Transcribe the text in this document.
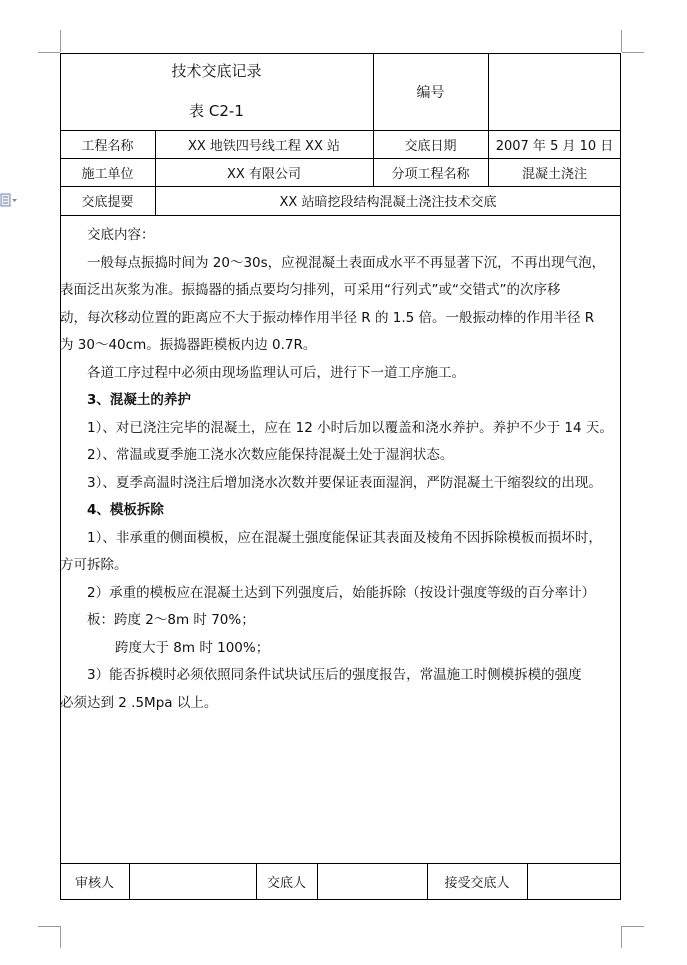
技术交底记录
表 C2-1
编号
工程名称	XX 地铁四号线工程 XX 站	交底日期	2007 年 5 月 10 日
施工单位	XX 有限公司	分项工程名称	混凝土浇注
交底提要	XX 站暗挖段结构混凝土浇注技术交底
交底内容：
一般每点振捣时间为 20～30s，应视混凝土表面成水平不再显著下沉，不再出现气泡，
表面泛出灰浆为准。振捣器的插点要均匀排列，可采用“行列式”或“交错式”的次序移
动，每次移动位置的距离应不大于振动棒作用半径 R 的 1.5 倍。一般振动棒的作用半径 R
为 30～40cm。振捣器距模板内边 0.7R。
各道工序过程中必须由现场监理认可后，进行下一道工序施工。
3、混凝土的养护
1）、对已浇注完毕的混凝土，应在 12 小时后加以覆盖和浇水养护。养护不少于 14 天。
2）、常温或夏季施工浇水次数应能保持混凝土处于湿润状态。
3）、夏季高温时浇注后增加浇水次数并要保证表面湿润，严防混凝土干缩裂纹的出现。
4、模板拆除
1）、非承重的侧面模板，应在混凝土强度能保证其表面及棱角不因拆除模板而损坏时，
方可拆除。
2）承重的模板应在混凝土达到下列强度后，始能拆除（按设计强度等级的百分率计）
板：跨度 2～8m 时 70%；
跨度大于 8m 时 100%；
3）能否拆模时必须依照同条件试块试压后的强度报告，常温施工时侧模拆模的强度
必须达到 2 .5Mpa 以上。
审核人	交底人	接受交底人
